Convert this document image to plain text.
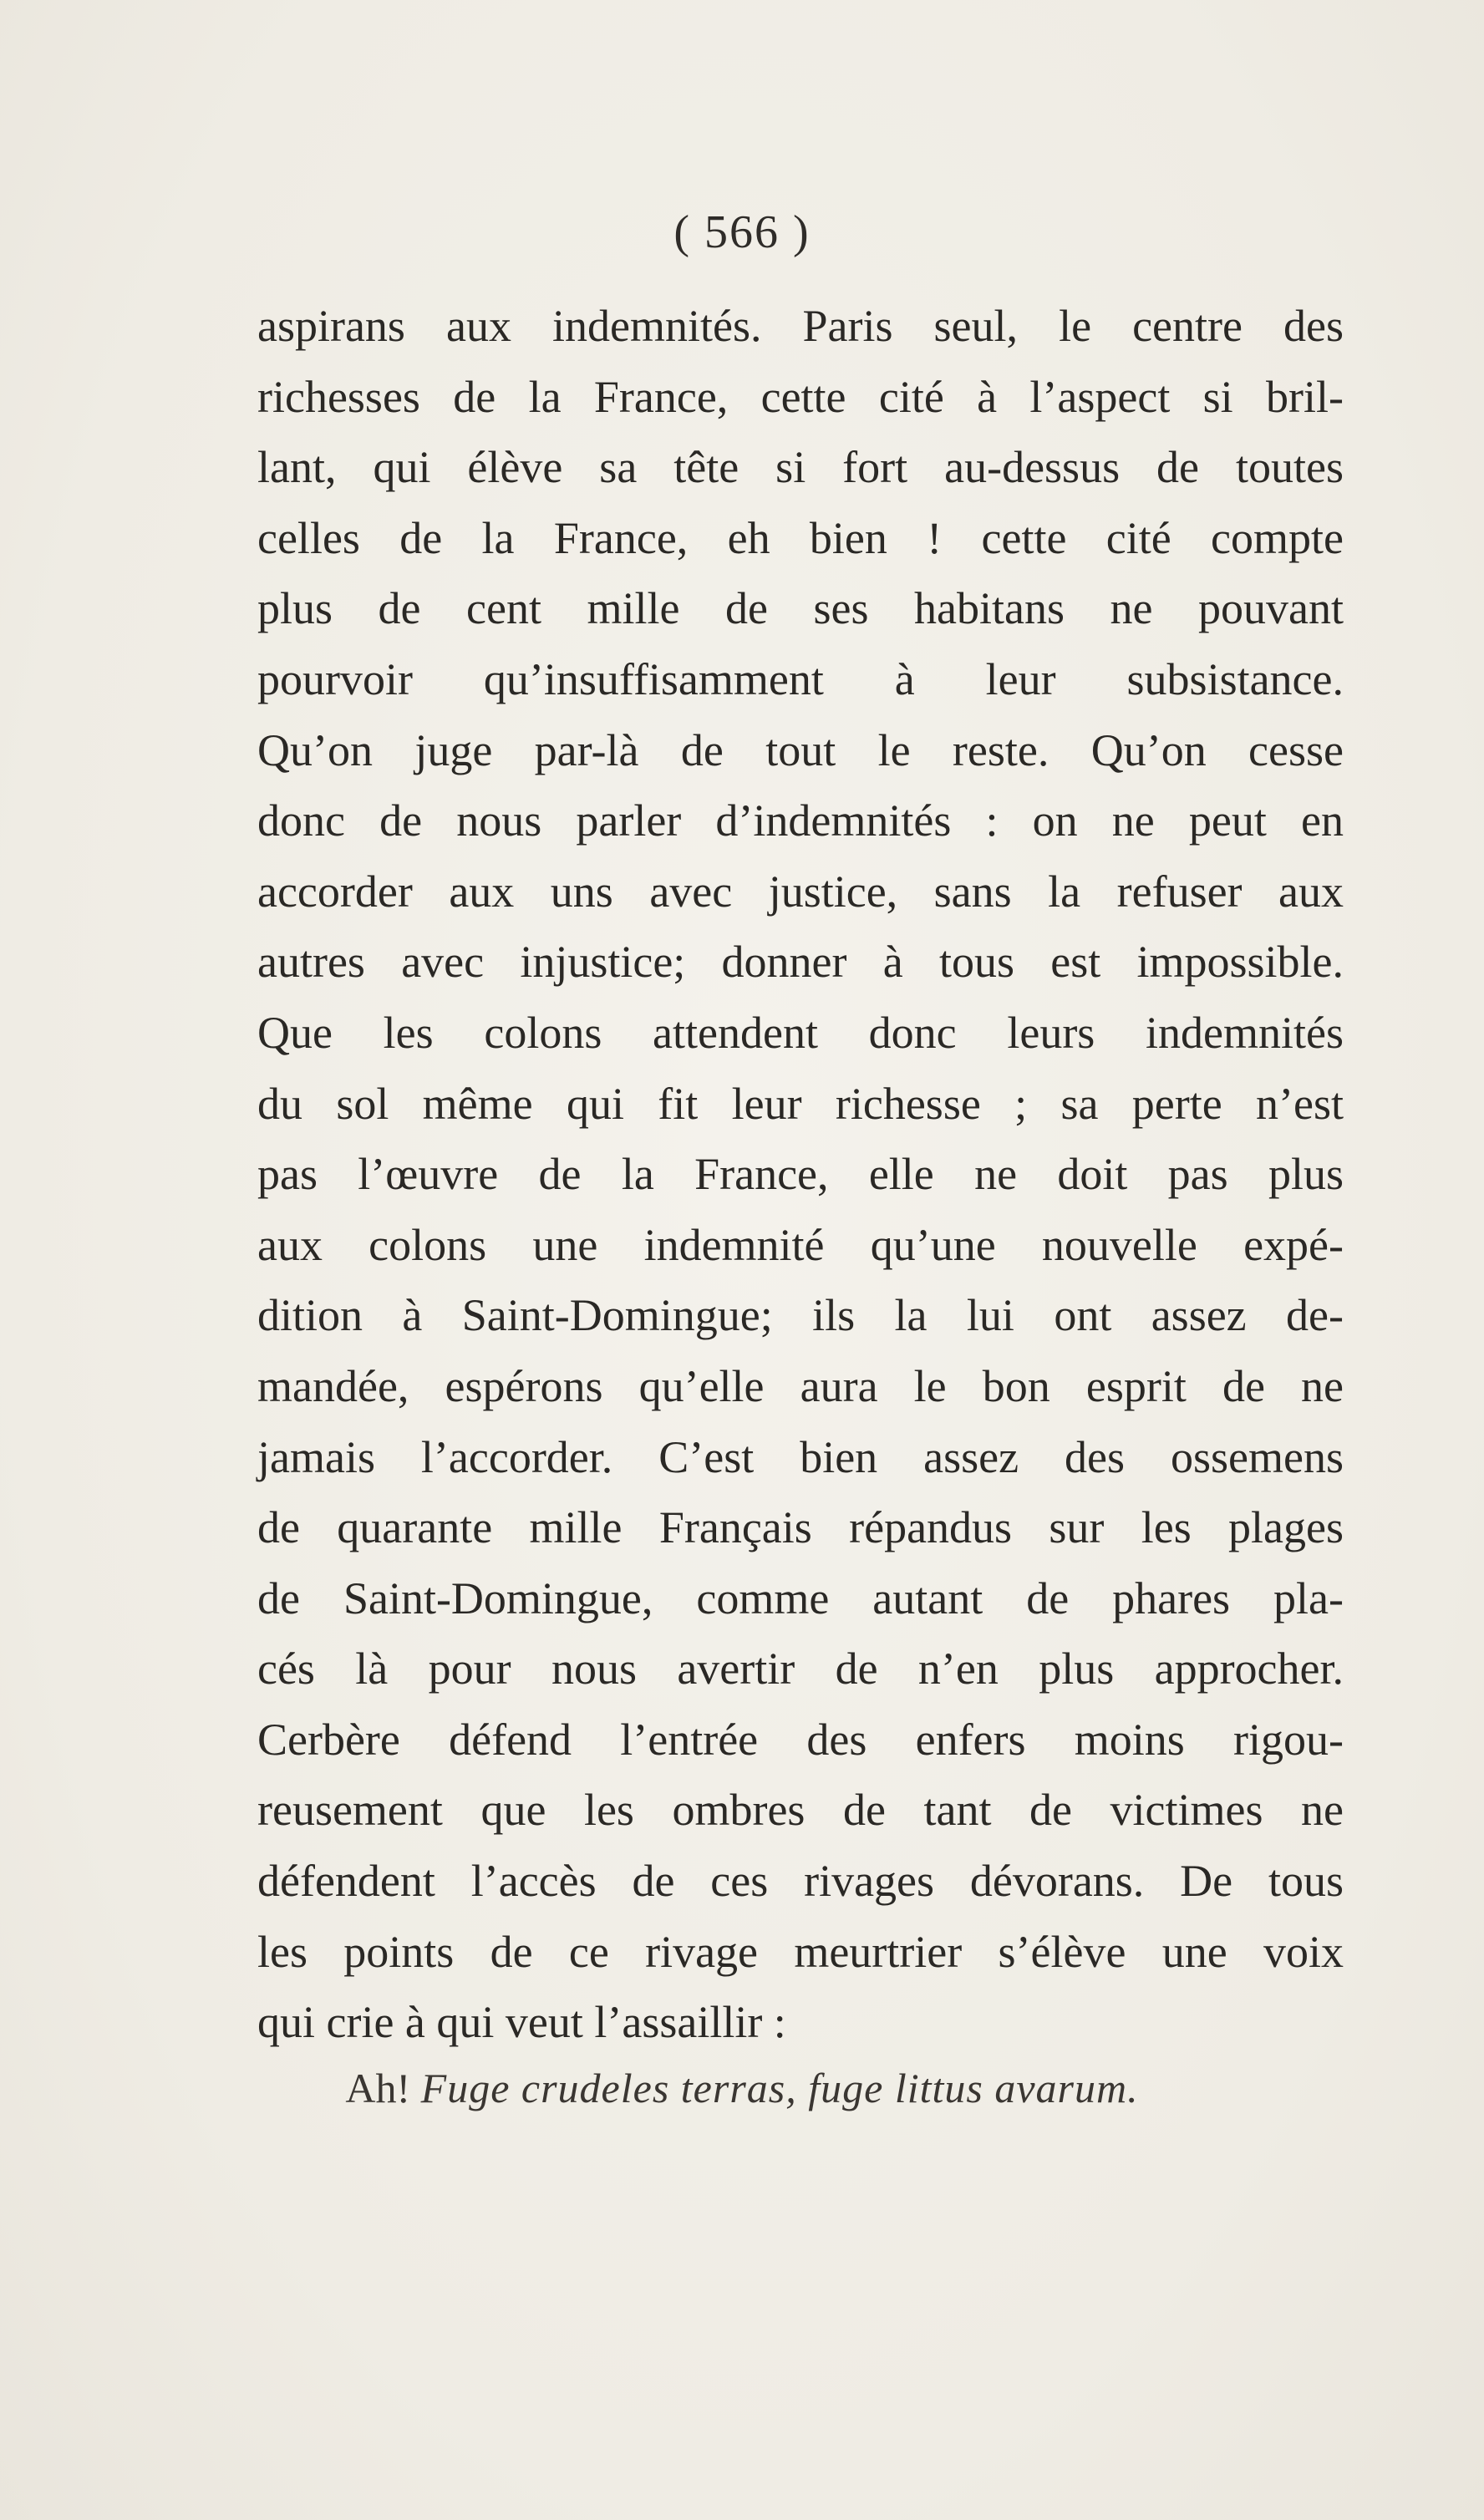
( 566 )
aspirans aux indemnités. Paris seul, le centre des
richesses de la France, cette cité à l’aspect si bril-
lant, qui élève sa tête si fort au-dessus de toutes
celles de la France, eh bien ! cette cité compte
plus de cent mille de ses habitans ne pouvant
pourvoir qu’insuffisamment à leur subsistance.
Qu’on juge par-là de tout le reste. Qu’on cesse
donc de nous parler d’indemnités : on ne peut en
accorder aux uns avec justice, sans la refuser aux
autres avec injustice; donner à tous est impossible.
Que les colons attendent donc leurs indemnités
du sol même qui fit leur richesse ; sa perte n’est
pas l’œuvre de la France, elle ne doit pas plus
aux colons une indemnité qu’une nouvelle expé-
dition à Saint-Domingue; ils la lui ont assez de-
mandée, espérons qu’elle aura le bon esprit de ne
jamais l’accorder. C’est bien assez des ossemens
de quarante mille Français répandus sur les plages
de Saint-Domingue, comme autant de phares pla-
cés là pour nous avertir de n’en plus approcher.
Cerbère défend l’entrée des enfers moins rigou-
reusement que les ombres de tant de victimes ne
défendent l’accès de ces rivages dévorans. De tous
les points de ce rivage meurtrier s’élève une voix
qui crie à qui veut l’assaillir :
Ah! Fuge crudeles terras, fuge littus avarum.
